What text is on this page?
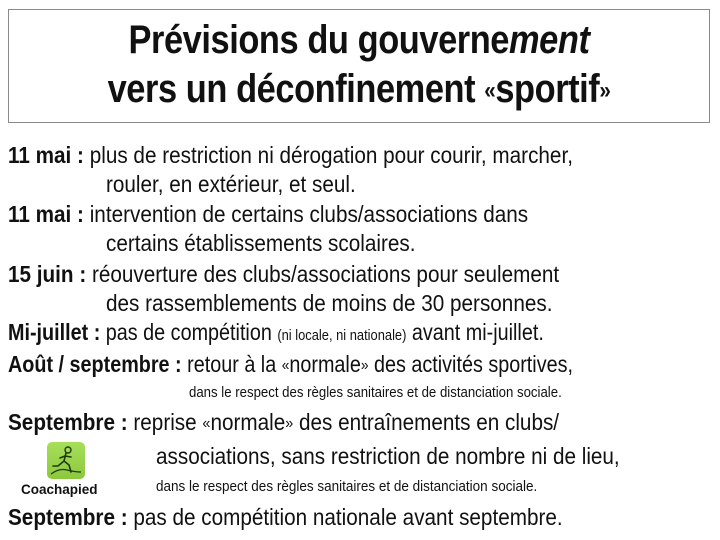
Prévisions du gouvernement
vers un déconfinement «sportif»
11 mai : plus de restriction ni dérogation pour courir, marcher,
rouler, en extérieur, et seul.
11 mai : intervention de certains clubs/associations dans
certains établissements scolaires.
15 juin : réouverture des clubs/associations pour seulement
des rassemblements de moins de 30 personnes.
Mi-juillet : pas de compétition (ni locale, ni nationale) avant mi-juillet.
Août / septembre : retour à la «normale» des activités sportives,
dans le respect des règles sanitaires et de distanciation sociale.
Septembre : reprise «normale» des entraînements en clubs/
associations, sans restriction de nombre ni de lieu,
dans le respect des règles sanitaires et de distanciation sociale.
Septembre : pas de compétition nationale avant septembre.
Coachapied
